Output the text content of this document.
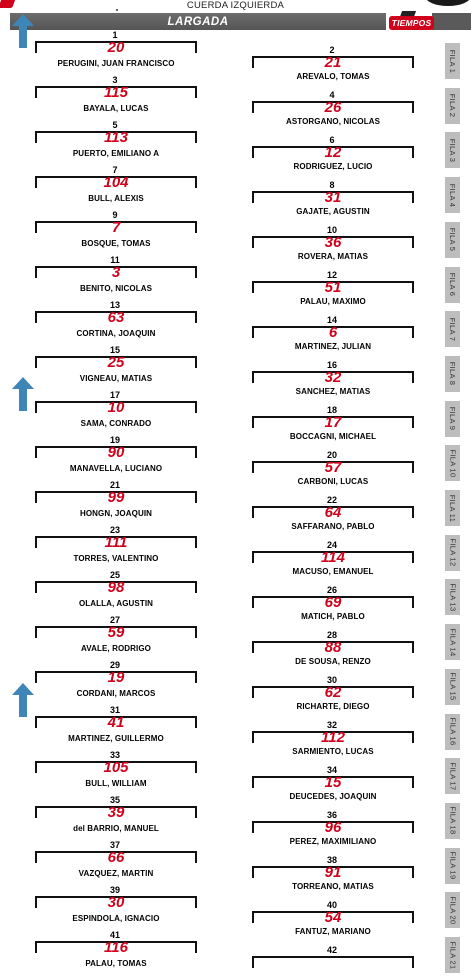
CUERDA IZQUIERDA
LARGADA	TIEMPOS
1
20
PERUGINI, JUAN FRANCISCO
3
115
BAYALA, LUCAS
5
113
PUERTO, EMILIANO A
7
104
BULL, ALEXIS
9
7
BOSQUE, TOMAS
11
3
BENITO, NICOLAS
13
63
CORTINA, JOAQUIN
15
25
VIGNEAU, MATIAS
17
10
SAMA, CONRADO
19
90
MANAVELLA, LUCIANO
21
99
HONGN, JOAQUIN
23
111
TORRES, VALENTINO
25
98
OLALLA, AGUSTIN
27
59
AVALE, RODRIGO
29
19
CORDANI, MARCOS
31
41
MARTINEZ, GUILLERMO
33
105
BULL, WILLIAM
35
39
del BARRIO, MANUEL
37
66
VAZQUEZ, MARTIN
39
30
ESPINDOLA, IGNACIO
41
116
PALAU, TOMAS
2
21
AREVALO, TOMAS
4
26
ASTORGANO, NICOLAS
6
12
RODRIGUEZ, LUCIO
8
31
GAJATE, AGUSTIN
10
36
ROVERA, MATIAS
12
51
PALAU, MAXIMO
14
6
MARTINEZ, JULIAN
16
32
SANCHEZ, MATIAS
18
17
BOCCAGNI, MICHAEL
20
57
CARBONI, LUCAS
22
64
SAFFARANO, PABLO
24
114
MACUSO, EMANUEL
26
69
MATICH, PABLO
28
88
DE SOUSA, RENZO
30
62
RICHARTE, DIEGO
32
112
SARMIENTO, LUCAS
34
15
DEUCEDES, JOAQUIN
36
96
PEREZ, MAXIMILIANO
38
91
TORREANO, MATIAS
40
54
FANTUZ, MARIANO
42
FILA 1
FILA 2
FILA 3
FILA 4
FILA 5
FILA 6
FILA 7
FILA 8
FILA 9
FILA 10
FILA 11
FILA 12
FILA 13
FILA 14
FILA 15
FILA 16
FILA 17
FILA 18
FILA 19
FILA 20
FILA 21
